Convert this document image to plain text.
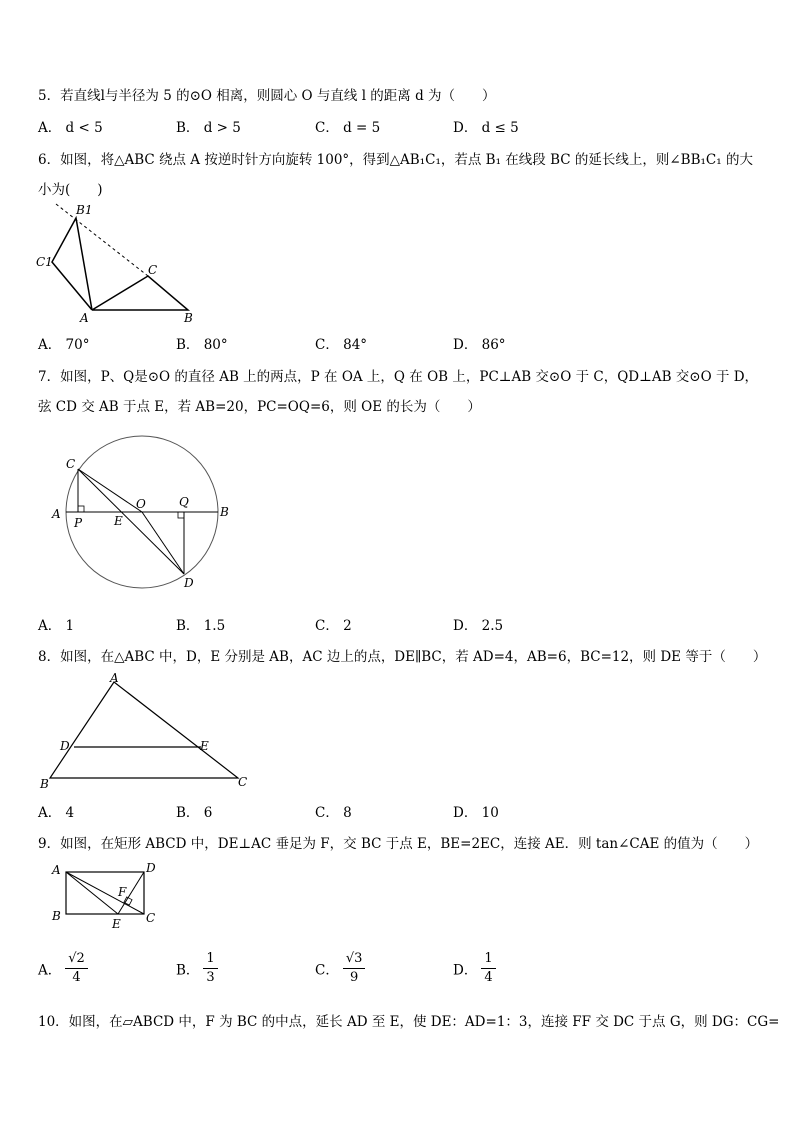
5．若直线l与半径为 5 的⊙O 相离，则圆心 O 与直线 l 的距离 d 为（　　）
A． d < 5	B． d > 5	C． d = 5	D． d ≤ 5
6．如图，将△ABC 绕点 A 按逆时针方向旋转 100°，得到△AB₁C₁，若点 B₁ 在线段 BC 的延长线上，则∠BB₁C₁ 的大
小为(　　)
B1
C1
C
A	B
A． 70°	B． 80°	C． 84°	D． 86°
7．如图，P、Q是⊙O 的直径 AB 上的两点，P 在 OA 上，Q 在 OB 上，PC⊥AB 交⊙O 于 C，QD⊥AB 交⊙O 于 D，
弦 CD 交 AB 于点 E，若 AB=20，PC=OQ=6，则 OE 的长为（　　）
C
O	Q
A	B
P	E
D
A． 1	B． 1.5	C． 2	D． 2.5
8．如图，在△ABC 中，D，E 分别是 AB，AC 边上的点，DE∥BC，若 AD=4，AB=6，BC=12，则 DE 等于（　　）
A
D	E
B	C
A． 4	B． 6	C． 8	D． 10
9．如图，在矩形 ABCD 中，DE⊥AC 垂足为 F，交 BC 于点 E，BE=2EC，连接 AE．则 tan∠CAE 的值为（　　）
A	D
F
B
E C
A． $\frac{√2}{4}$	B． $\frac{1}{3}$	C． $\frac{√3}{9}$	D． $\frac{1}{4}$
10．如图，在▱ABCD 中，F 为 BC 的中点，延长 AD 至 E，使 DE：AD=1：3，连接 FF 交 DC 于点 G，则 DG：CG=
